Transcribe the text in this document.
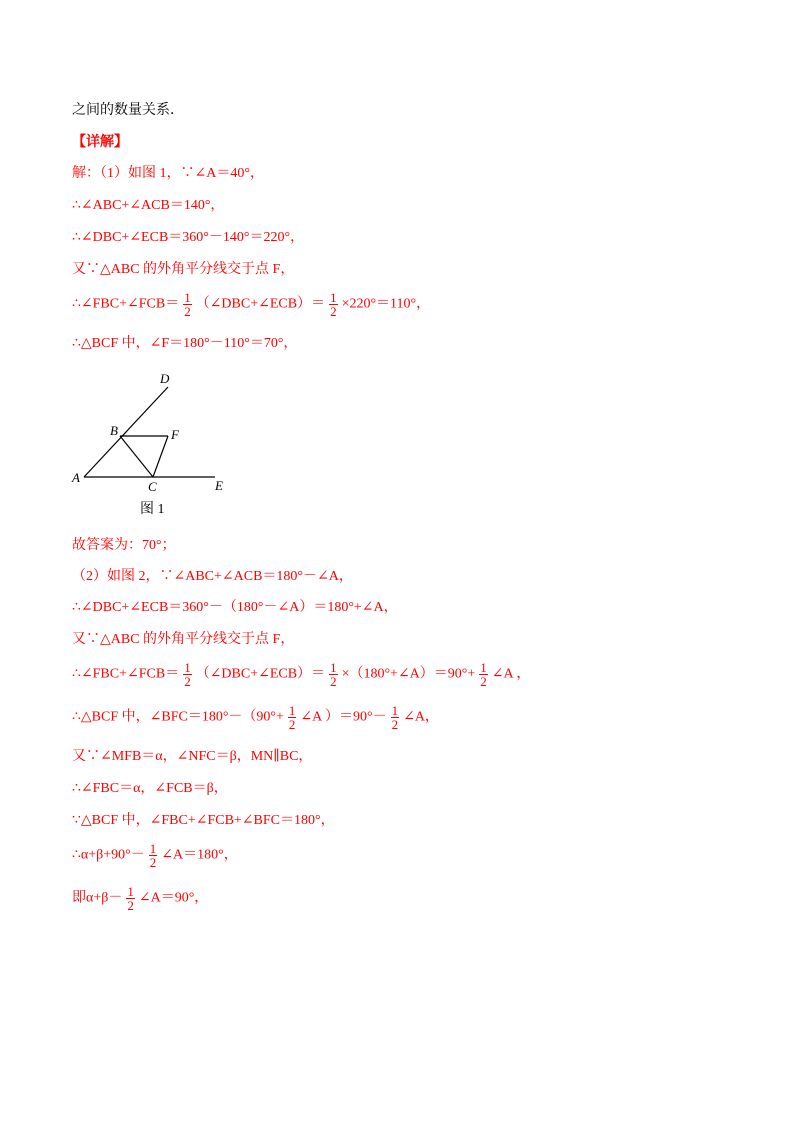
之间的数量关系．
【详解】
解：（1）如图 1，∵∠A＝40°，
∴∠ABC+∠ACB＝140°，
∴∠DBC+∠ECB＝360°－140°＝220°，
又∵△ABC 的外角平分线交于点 F，
∴∠FBC+∠FCB＝ $\frac{1}{2}$ （∠DBC+∠ECB）＝ $\frac{1}{2} \times 220^\circ=110^\circ$，
∴△BCF 中，∠F＝180°－110°＝70°，
A
B
C
D
E
F
图 1
故答案为：70°；
（2）如图 2，∵∠ABC+∠ACB＝180°－∠A，
∴∠DBC+∠ECB＝360°－（180°－∠A）＝180°+∠A，
又∵△ABC 的外角平分线交于点 F，
∴∠FBC+∠FCB＝ $\frac{1}{2}$ （∠DBC+∠ECB）＝ $\frac{1}{2}$ ×（180°+∠A）＝90°+ $\frac{1}{2}$ ∠A ，
∴△BCF 中，∠BFC＝180°－（90°+ $\frac{1}{2}$ ∠A ）$=90^\circ- \frac{1}{2}$ ∠A，
又∵∠MFB＝α，∠NFC＝β，MN∥BC，
∴∠FBC＝α，∠FCB＝β，
∵△BCF 中，∠FBC+∠FCB+∠BFC＝180°，
∴α+β+90°－ $\frac{1}{2}$ ∠A＝180°，
即$\alpha+\beta- \frac{1}{2}$ ∠A＝90°，
